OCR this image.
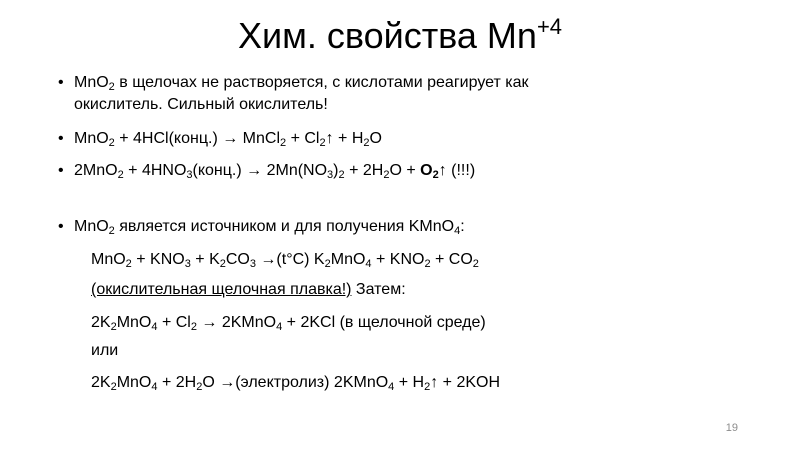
Хим. свойства $Mn^{+4}$
• MnO$_2$ в щелочах не растворяется, с кислотами реагирует как
окислитель. Сильный окислитель!
• MnO$_2$ + 4HCl(конц.) → MnCl$_2$ + $Cl_2↑ + H_2O$
• $2MnO_2 + 4HNO_3(конц.) \to 2Mn(NO_3)_2 + 2H_2O$ + $O_2↑$ (!!!)
• MnO$_2$ является источником и для получения KMnO$_4$:
$MnO_2 + KNO_3 + K_2CO_3 \to(t^\circ C) K_2MnO_4 + KNO_2 + CO_2$
(окислительная щелочная плавка!) Затем:
$2K_2MnO_4 + Cl_2$ → 2KMnO$_4$ + 2KCl (в щелочной среде)
или
$2K_2MnO_4 + 2H_2O$ →(электролиз) 2KMnO$_4$ + $H_2↑ + 2KOH$
19
